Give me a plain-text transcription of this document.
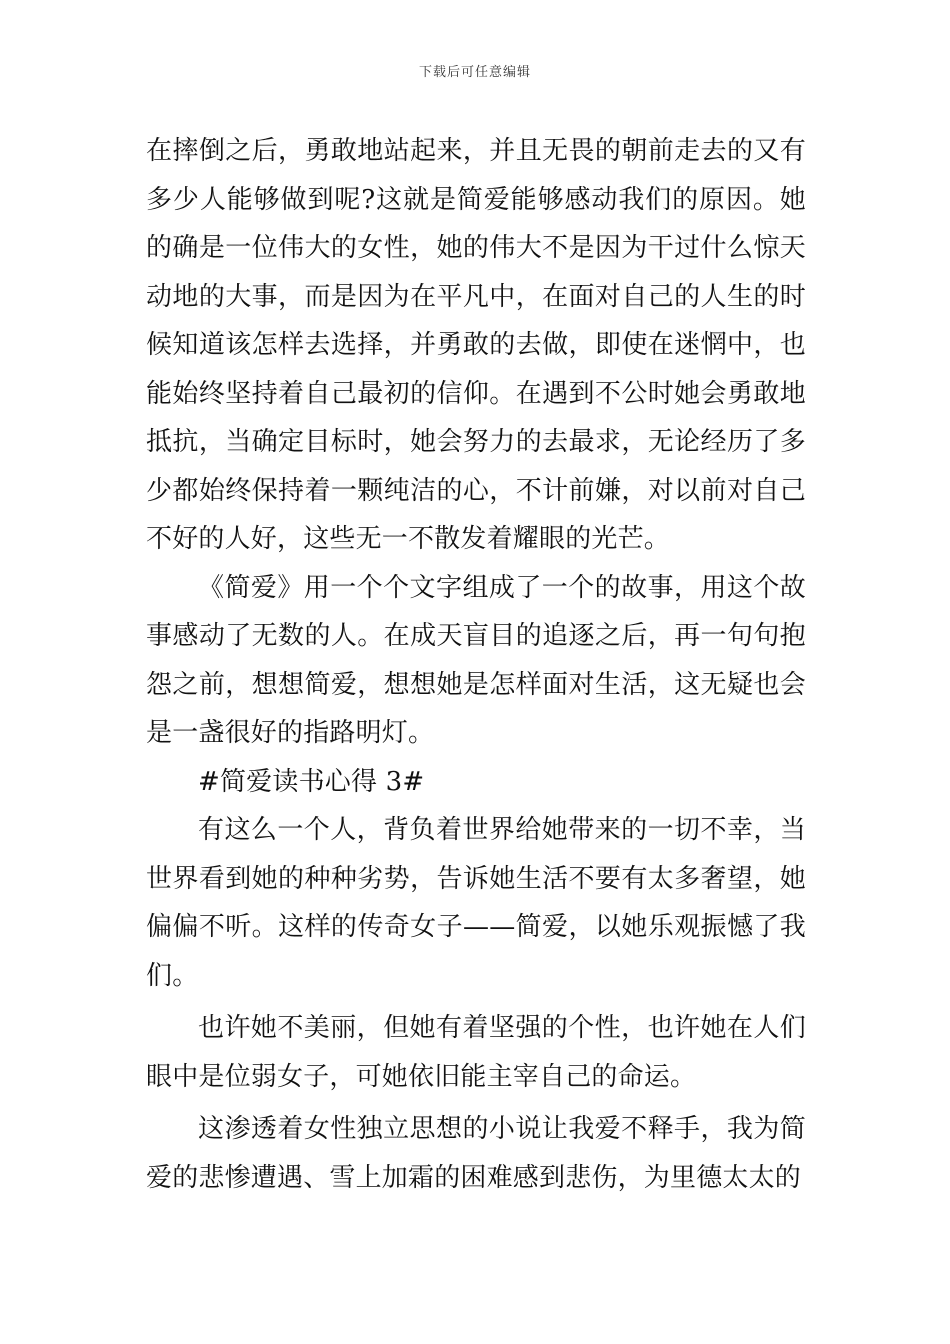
下载后可任意编辑

在摔倒之后，勇敢地站起来，并且无畏的朝前走去的又有多少人能够做到呢?这就是简爱能够感动我们的原因。她的确是一位伟大的女性，她的伟大不是因为干过什么惊天动地的大事，而是因为在平凡中，在面对自己的人生的时候知道该怎样去选择，并勇敢的去做，即使在迷惘中，也能始终坚持着自己最初的信仰。在遇到不公时她会勇敢地抵抗，当确定目标时，她会努力的去最求，无论经历了多少都始终保持着一颗纯洁的心，不计前嫌，对以前对自己不好的人好，这些无一不散发着耀眼的光芒。

《简爱》用一个个文字组成了一个的故事，用这个故事感动了无数的人。在成天盲目的追逐之后，再一句句抱怨之前，想想简爱，想想她是怎样面对生活，这无疑也会是一盏很好的指路明灯。

#简爱读书心得 3#

有这么一个人，背负着世界给她带来的一切不幸，当世界看到她的种种劣势，告诉她生活不要有太多奢望，她偏偏不听。这样的传奇女子——简爱，以她乐观振憾了我们。

也许她不美丽，但她有着坚强的个性，也许她在人们眼中是位弱女子，可她依旧能主宰自己的命运。

这渗透着女性独立思想的小说让我爱不释手，我为简爱的悲惨遭遇、雪上加霜的困难感到悲伤，为里德太太的
